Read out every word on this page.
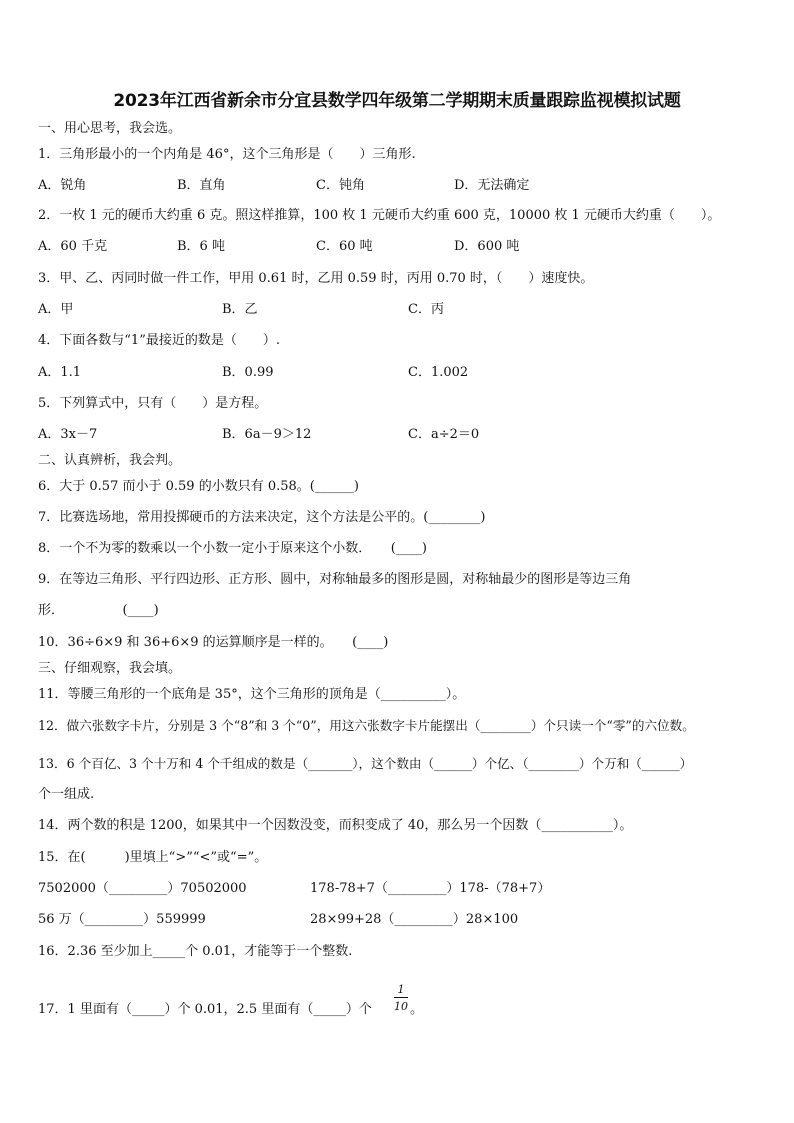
2023年江西省新余市分宜县数学四年级第二学期期末质量跟踪监视模拟试题
一、用心思考，我会选。
1．三角形最小的一个内角是 46°，这个三角形是（　　）三角形.
A．锐角	B．直角	C．钝角	D．无法确定
2．一枚 1 元的硬币大约重 6 克。照这样推算，100 枚 1 元硬币大约重 600 克，10000 枚 1 元硬币大约重（　　）。
A．60 千克	B．6 吨	C．60 吨	D．600 吨
3．甲、乙、丙同时做一件工作，甲用 0.61 时，乙用 0.59 时，丙用 0.70 时，（　　）速度快。
A．甲	B．乙	C．丙
4．下面各数与“1”最接近的数是（　　）.
A．1.1	B．0.99	C．1.002
5．下列算式中，只有（　　）是方程。
A．3x－7	B．6a－9＞12	C．a÷2＝0
二、认真辨析，我会判。
6．大于 0.57 而小于 0.59 的小数只有 0.58。(______)
7．比赛选场地，常用投掷硬币的方法来决定，这个方法是公平的。(________)
8．一个不为零的数乘以一个小数一定小于原来这个小数．　　(____)
9．在等边三角形、平行四边形、正方形、圆中，对称轴最多的图形是圆，对称轴最少的图形是等边三角
形．　　　　　(____)
10．36÷6×9 和 36+6×9 的运算顺序是一样的。　　(____)
三、仔细观察，我会填。
11．等腰三角形的一个底角是 35°，这个三角形的顶角是（__________）。
12．做六张数字卡片，分别是 3 个“8”和 3 个“0”，用这六张数字卡片能摆出（________）个只读一个“零”的六位数。
13．6 个百亿、3 个十万和 4 个千组成的数是（_______），这个数由（______）个亿、（________）个万和（______）
个一组成.
14．两个数的积是 1200，如果其中一个因数没变，而积变成了 40，那么另一个因数（___________）。
15．在(　　　)里填上“>”“<”或“=”。
7502000（_________）70502000	178-78+7（_________）178-（78+7）
56 万（_________）559999	28×99+28（_________）28×100
16．2.36 至少加上_____个 0.01，才能等于一个整数.
17．1 里面有（_____）个 0.01，2.5 里面有（_____）个
1
10 。
